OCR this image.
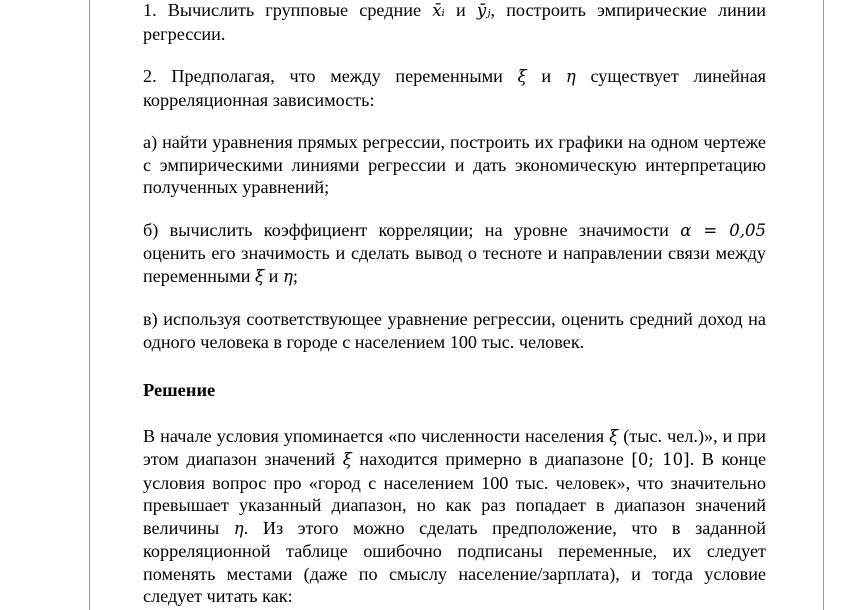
1. Вычислить групповые средние x̄ᵢ и ȳⱼ, построить эмпирические линии регрессии.

2. Предполагая, что между переменными ξ и η существует линейная корреляционная зависимость:

а) найти уравнения прямых регрессии, построить их графики на одном чертеже с эмпирическими линиями регрессии и дать экономическую интерпретацию полученных уравнений;

б) вычислить коэффициент корреляции; на уровне значимости α = 0,05 оценить его значимость и сделать вывод о тесноте и направлении связи между переменными ξ и η;

в) используя соответствующее уравнение регрессии, оценить средний доход на одного человека в городе с населением 100 тыс. человек.

Решение

В начале условия упоминается «по численности населения ξ (тыс. чел.)», и при этом диапазон значений ξ находится примерно в диапазоне [0; 10]. В конце условия вопрос про «город с населением 100 тыс. человек», что значительно превышает указанный диапазон, но как раз попадает в диапазон значений величины η. Из этого можно сделать предположение, что в заданной корреляционной таблице ошибочно подписаны переменные, их следует поменять местами (даже по смыслу население/зарплата), и тогда условие следует читать как:
